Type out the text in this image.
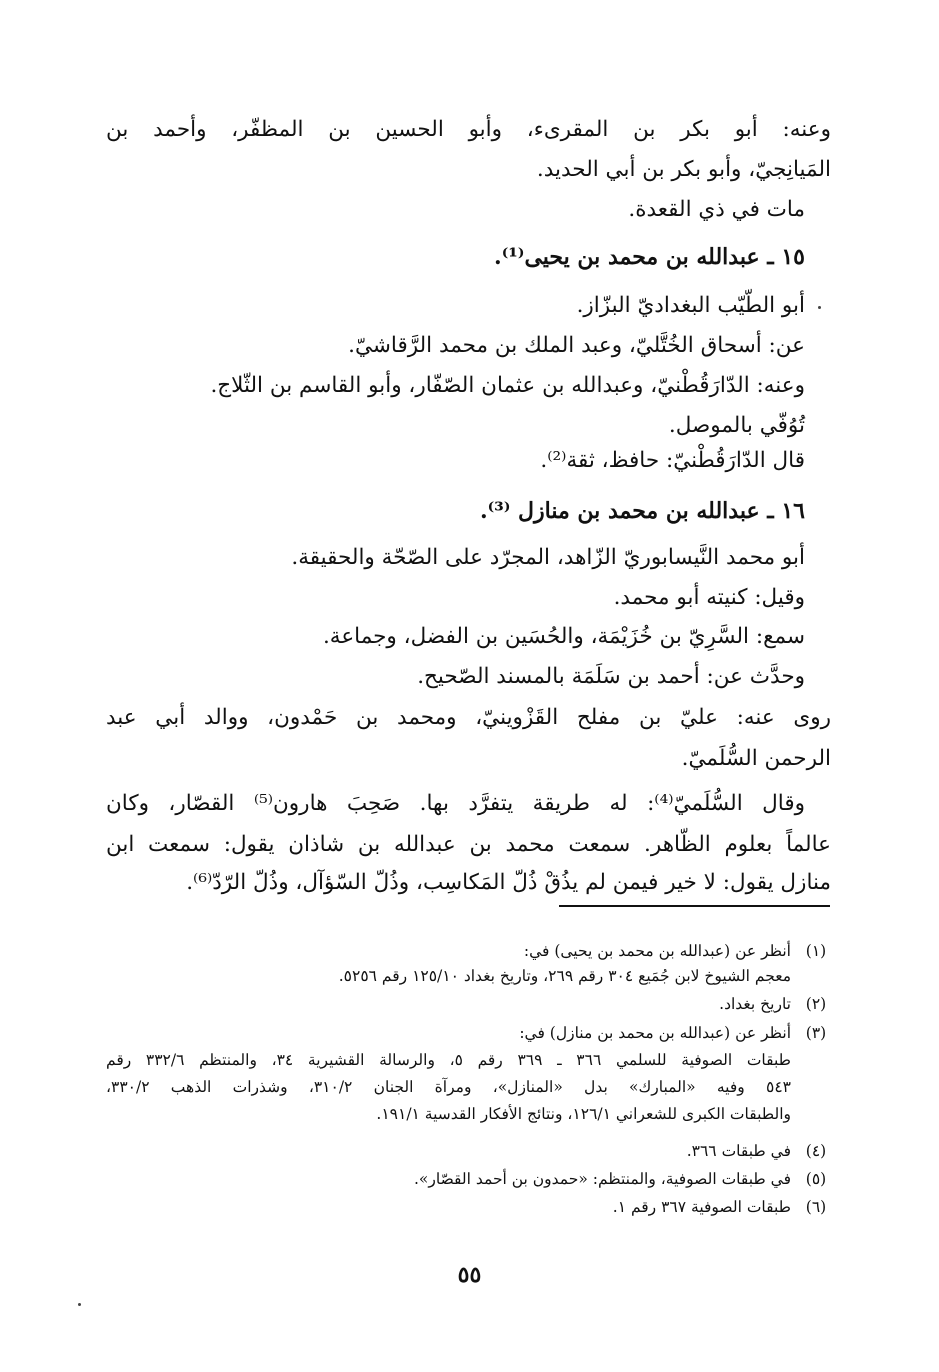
وعنه: أبو بكر بن المقرىء، وأبو الحسين بن المظفّر، وأحمد بن
المَيانِجيّ، وأبو بكر بن أبي الحديد.
مات في ذي القعدة.
١٥ ـ عبدالله بن محمد بن يحيى⁽¹⁾.
أبو الطّيّب البغداديّ البزّاز.
عن: أسحاق الخُتَّليّ، وعبد الملك بن محمد الرَّقاشيّ.
وعنه: الدّارَقُطْنيّ، وعبدالله بن عثمان الصّفّار، وأبو القاسم بن الثّلاج.
تُوُفّي بالموصل.
قال الدّارَقُطْنيّ: حافظ، ثقة⁽²⁾.
١٦ ـ عبدالله بن محمد بن منازل ⁽³⁾.
أبو محمد النَّيسابوريّ الزّاهد، المجرّد على الصّحّة والحقيقة.
وقيل: كنيته أبو محمد.
سمع: السَّرِيّ بن خُزَيْمَة، والحُسَين بن الفضل، وجماعة.
وحدَّث عن: أحمد بن سَلَمَة بالمسند الصّحيح.
روى عنه: عليّ بن مفلح القَزْوينيّ، ومحمد بن حَمْدون، ووالد أبي عبد
الرحمن السُّلَميّ.
وقال السُّلَميّ⁽⁴⁾: له طريقة يتفرَّد بها. صَحِبَ هارون⁽⁵⁾ القصّار، وكان
عالماً بعلوم الظّاهر. سمعت محمد بن عبدالله بن شاذان يقول: سمعت ابن
منازل يقول: لا خير فيمن لم يذُقْ ذُلّ المَكاسِب، وذُلّ السّؤآل، وذُلّ الرّدّ⁽⁶⁾.
(١)
أنظر عن (عبدالله بن محمد بن يحيى) في:
معجم الشيوخ لابن جُمَيع ٣٠٤ رقم ٢٦٩، وتاريخ بغداد ١٢٥/١٠ رقم ٥٢٥٦.
(٢)
تاريخ بغداد.
(٣)
أنظر عن (عبدالله بن محمد بن منازل) في:
طبقات الصوفية للسلمي ٣٦٦ ـ ٣٦٩ رقم ٥، والرسالة القشيرية ٣٤، والمنتظم ٣٣٢/٦ رقم
٥٤٣ وفيه «المبارك» بدل «المنازل»، ومرآة الجنان ٣١٠/٢، وشذرات الذهب ٣٣٠/٢،
والطبقات الكبرى للشعراني ١٢٦/١، ونتائج الأفكار القدسية ١٩١/١.
(٤)
في طبقات ٣٦٦.
(٥)
في طبقات الصوفية، والمنتظم: «حمدون بن أحمد القصّار».
(٦)
طبقات الصوفية ٣٦٧ رقم ١.
٥٥
